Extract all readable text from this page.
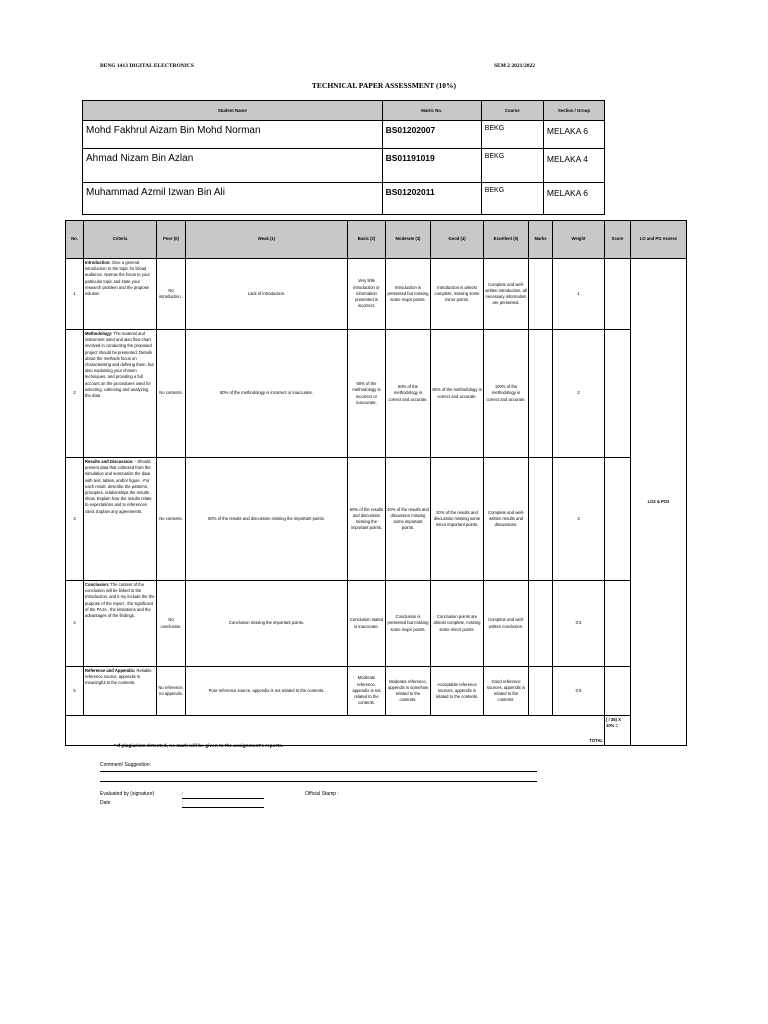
BENG 1413 DIGITAL ELECTRONICS	SEM 2 2021/2022
TECHNICAL PAPER ASSESSMENT (10%)
Student Name	Matric No.	Course	Section / Group
Mohd Fakhrul Aizam Bin Mohd Norman	BS01202007	BEKG	MELAKA 6
Ahmad Nizam Bin Azlan	BS01191019	BEKG	MELAKA 4
Muhammad Azmil Izwan Bin Ali	BS01202011	BEKG	MELAKA 6
No.	Criteria	Poor (0)	Weak (1)	Basic (2)	Moderate (3)	Good (4)	Excellent (5)	Marks	Weight	Score	LO and PO Assess
1	Introduction: Give a general introduction to the topic for broad audience. Narrow the focus to your particular topic and state your research problem and the propose solution	No introduction .	Lack of introduction.	Very little introduction or information presented is incorrect.	Introduction is presented but missing some major points.	Introduction is almost complete, missing some minor points.	Complete and well-written introduction, all necessary information are presented.		1		LO2 & PO2
2	Methodology: The material and instrument used and also flow chart involved in conducting the proposed project should be presented. Details about the methods focus on characterising and defining them, but also explaining your chosen techniques, and providing a full account on the procedures used for selecting, collecting and analyzing the data	No contents.	80% of the methodology is incorrect or inaccurate.	60% of the methodology is incorrect or inaccurate.	60% of the methodology is correct and accurate.	80% of the methodology is correct and accurate.	100% of the methodology is correct and accurate.		2		
3	Results and Discussion: - Should present data that collected from the simulation and summarize the data with text, tables, and/or figure. -For each result, describe the patterns, principles, relationships the results show. Explain how the results relate to expectations and to references cited. Explain any agreements.	No contents.	80% of the results and discussion missing the important points.	60% of the results and discussion missing the important points.	40% of the results and discussion missing some important points.	20% of the results and discussion missing some minor important points.	Complete and well-written results and discussions.		3		
4	Conclusion: The content of the conclusion will be linked to the Introduction, and it my include the the purpose of the report , the significant of the PAJA , the limitations and the advantages of the findings.	No conclusion.	Conclusion missing the important points.	Conclusion stated is inaccurate.	Conclusion is presented but missing some major points.	Conclusion points are almost complete, missing some minor points.	Complete and well-written conclusion.		0.5		
5	Reference and Appendix: Reliable reference source, appendix is meaningful to the contents.	No reference, no appendix.	Poor reference source, appendix is not related to the contents.	Moderate reference, appendix is not related to the contents.	Moderate reference, appendix is somehow related to the contents.	Acceptable reference sources, appendix is related to the contents.	Good reference sources, appendix is related to the contents.		0.5		
TOTAL										( / 35) X 10% =	
* If plagiarism detected, no mark will be given to the assignment's reports.
Comment/ Suggestion:
Evaluated by (signature)	:
Date	:
Official Stamp :
